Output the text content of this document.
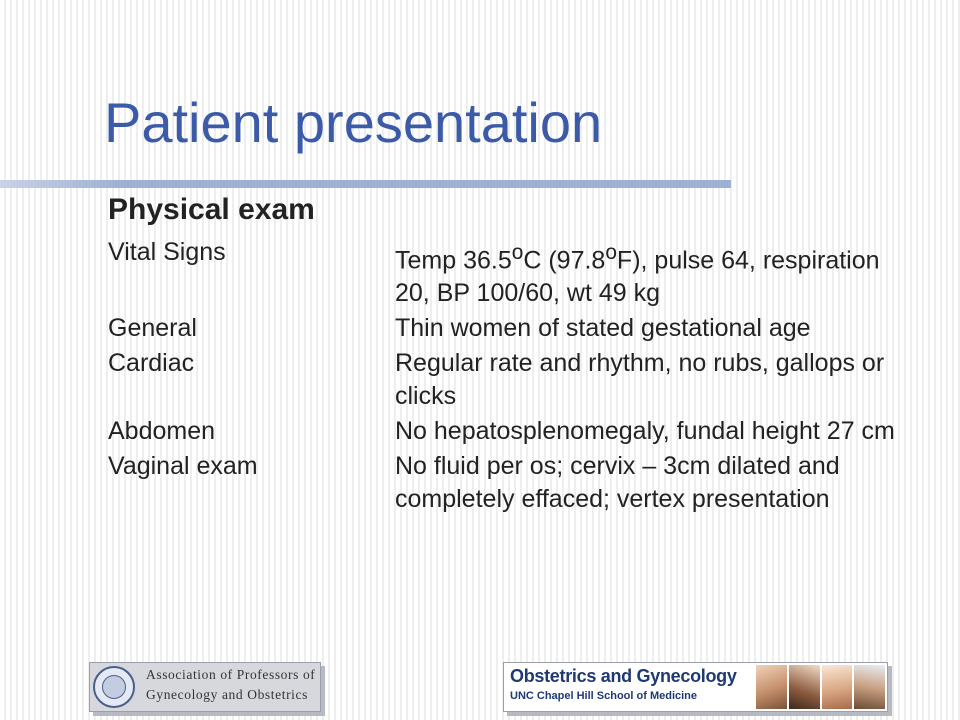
Patient presentation
Physical exam
Vital Signs	Temp 36.5$^o$C (97.8$^o$F), pulse 64, respiration 20, BP 100/60, wt 49 kg
General	Thin women of stated gestational age
Cardiac	Regular rate and rhythm, no rubs, gallops or clicks
Abdomen	No hepatosplenomegaly, fundal height 27 cm
Vaginal exam	No fluid per os; cervix – 3cm dilated and completely effaced; vertex presentation
Association of Professors of
Gynecology and Obstetrics
Obstetrics and Gynecology
UNC Chapel Hill School of Medicine
